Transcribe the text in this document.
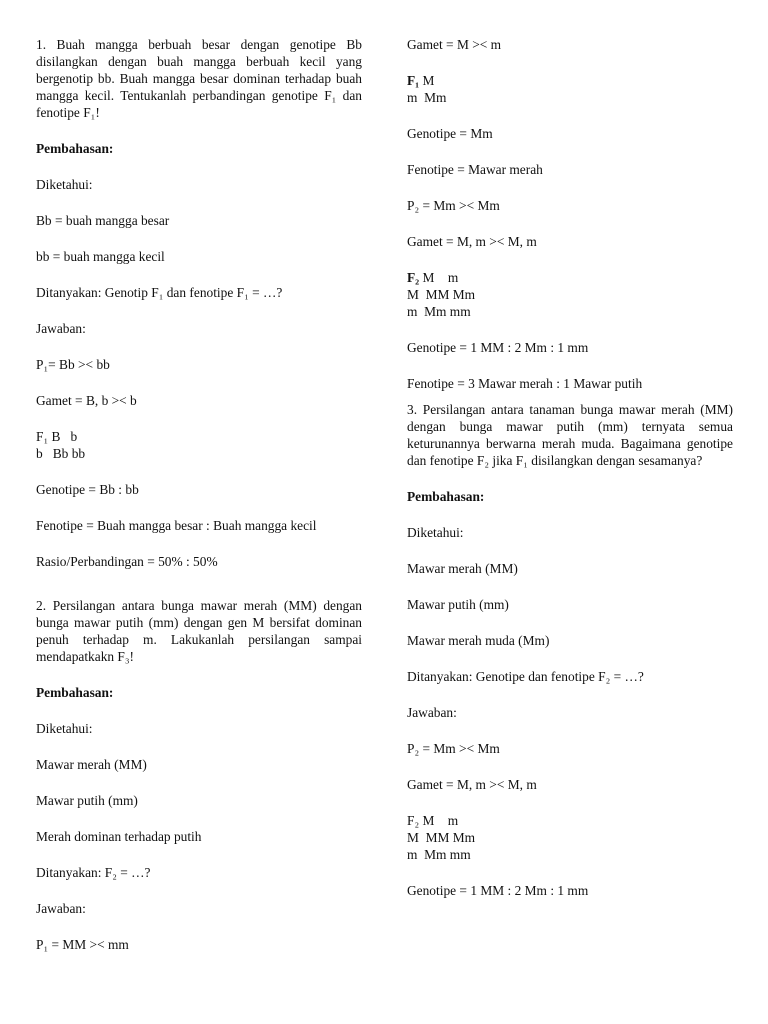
1. Buah mangga berbuah besar dengan genotipe Bb disilangkan dengan buah mangga berbuah kecil yang bergenotip bb. Buah mangga besar dominan terhadap buah mangga kecil. Tentukanlah perbandingan genotipe F₁ dan fenotipe F₁!

Pembahasan:

Diketahui:

Bb = buah mangga besar

bb = buah mangga kecil

Ditanyakan: Genotip F₁ dan fenotipe F₁ = …?

Jawaban:

P₁= Bb >< bb

Gamet = B, b >< b

F₁ B   b

b   Bb bb

Genotipe = Bb : bb

Fenotipe = Buah mangga besar : Buah mangga kecil

Rasio/Perbandingan = 50% : 50%

2. Persilangan antara bunga mawar merah (MM) dengan bunga mawar putih (mm) dengan gen M bersifat dominan penuh terhadap m. Lakukanlah persilangan sampai mendapatkakn F₃!

Pembahasan:

Diketahui:

Mawar merah (MM)

Mawar putih (mm)

Merah dominan terhadap putih

Ditanyakan: F₂ = …?

Jawaban:

P₁ = MM >< mm

Gamet = M >< m

F₁ M

m  Mm

Genotipe = Mm

Fenotipe = Mawar merah

P₂ = Mm >< Mm

Gamet = M, m >< M, m

F₂ M    m

M  MM Mm

m  Mm mm

Genotipe = 1 MM : 2 Mm : 1 mm

Fenotipe = 3 Mawar merah : 1 Mawar putih

3. Persilangan antara tanaman bunga mawar merah (MM) dengan bunga mawar putih (mm) ternyata semua keturunannya berwarna merah muda. Bagaimana genotipe dan fenotipe F₂ jika F₁ disilangkan dengan sesamanya?

Pembahasan:

Diketahui:

Mawar merah (MM)

Mawar putih (mm)

Mawar merah muda (Mm)

Ditanyakan: Genotipe dan fenotipe F₂ = …?

Jawaban:

P₂ = Mm >< Mm

Gamet = M, m >< M, m

F₂ M    m

M  MM Mm

m  Mm mm

Genotipe = 1 MM : 2 Mm : 1 mm
